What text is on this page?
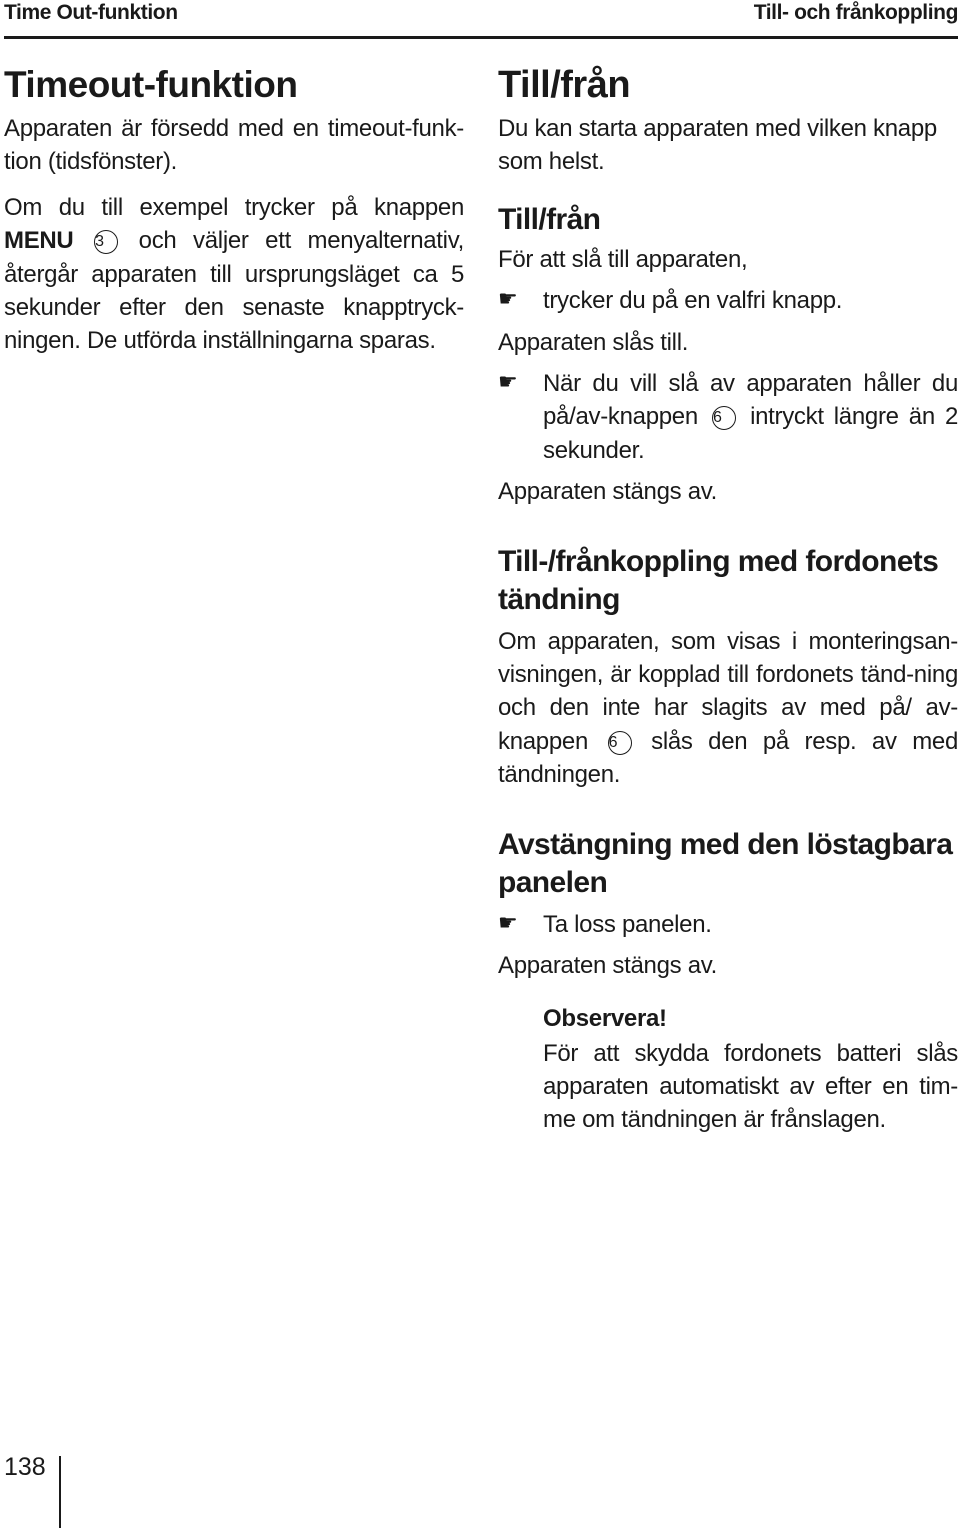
Time Out-funktion	Till- och frånkoppling
Timeout-funktion

Apparaten är försedd med en timeout-funk-tion (tidsfönster).

Om du till exempel trycker på knappen MENU 3 och väljer ett menyalternativ, återgår apparaten till ursprungsläget ca 5 sekunder efter den senaste knapptryck-ningen. De utförda inställningarna sparas.

Till/från

Du kan starta apparaten med vilken knapp som helst.

Till/från

För att slå till apparaten,

☛ trycker du på en valfri knapp.

Apparaten slås till.

☛ När du vill slå av apparaten håller du på/av-knappen 6 intryckt längre än 2 sekunder.

Apparaten stängs av.

Till-/frånkoppling med fordonets tändning

Om apparaten, som visas i monteringsan-visningen, är kopplad till fordonets tänd-ning och den inte har slagits av med på/ av-knappen 6 slås den på resp. av med tändningen.

Avstängning med den löstagbara panelen
☛ Ta loss panelen.

Apparaten stängs av.

Observera!

För att skydda fordonets batteri slås apparaten automatiskt av efter en tim-me om tändningen är frånslagen.

138
